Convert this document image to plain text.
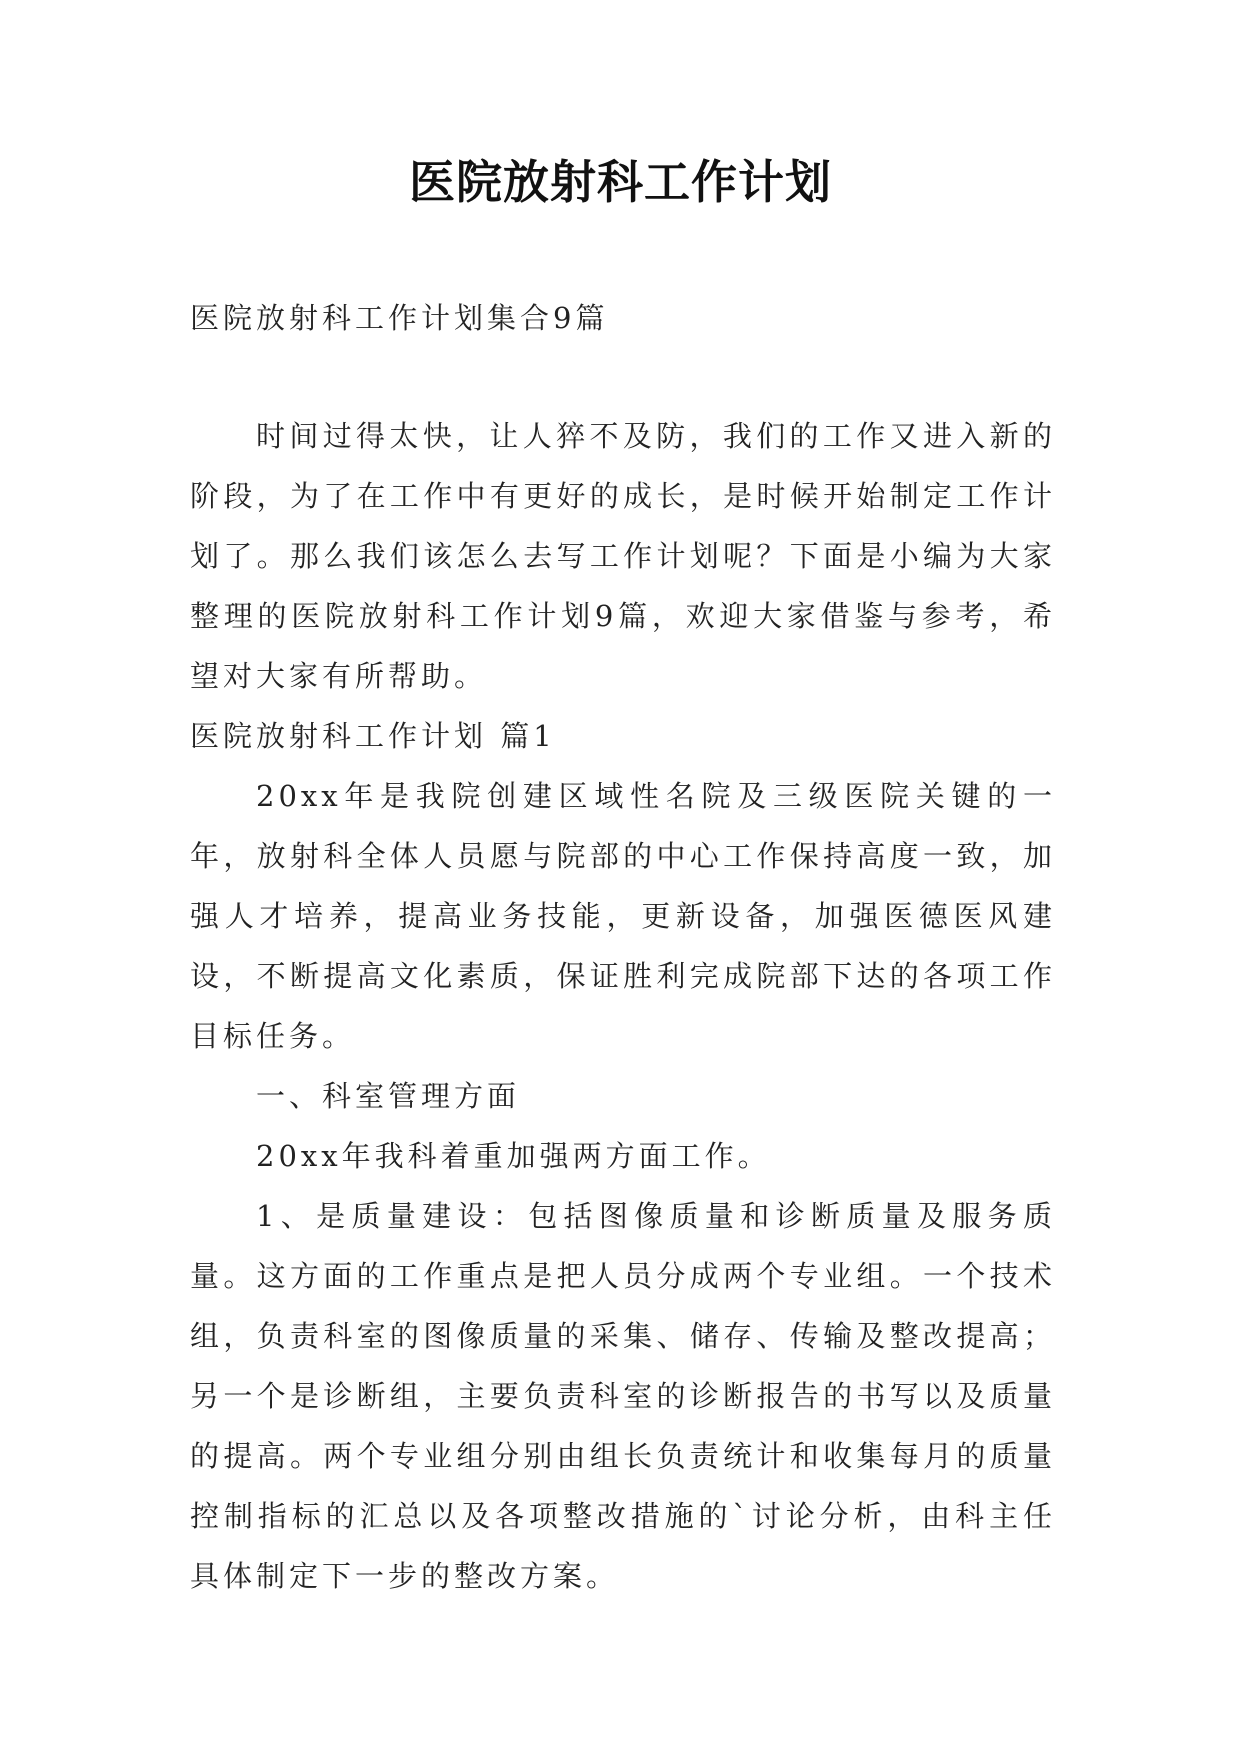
医院放射科工作计划

医院放射科工作计划集合9篇

时间过得太快，让人猝不及防，我们的工作又进入新的阶段，为了在工作中有更好的成长，是时候开始制定工作计划了。那么我们该怎么去写工作计划呢？下面是小编为大家整理的医院放射科工作计划9篇，欢迎大家借鉴与参考，希望对大家有所帮助。

医院放射科工作计划 篇1

20xx年是我院创建区域性名院及三级医院关键的一年，放射科全体人员愿与院部的中心工作保持高度一致，加强人才培养，提高业务技能，更新设备，加强医德医风建设，不断提高文化素质，保证胜利完成院部下达的各项工作目标任务。

一、科室管理方面

20xx年我科着重加强两方面工作。

1、是质量建设：包括图像质量和诊断质量及服务质量。这方面的工作重点是把人员分成两个专业组。一个技术组，负责科室的图像质量的采集、储存、传输及整改提高；另一个是诊断组，主要负责科室的诊断报告的书写以及质量的提高。两个专业组分别由组长负责统计和收集每月的质量控制指标的汇总以及各项整改措施的`讨论分析，由科主任具体制定下一步的整改方案。
